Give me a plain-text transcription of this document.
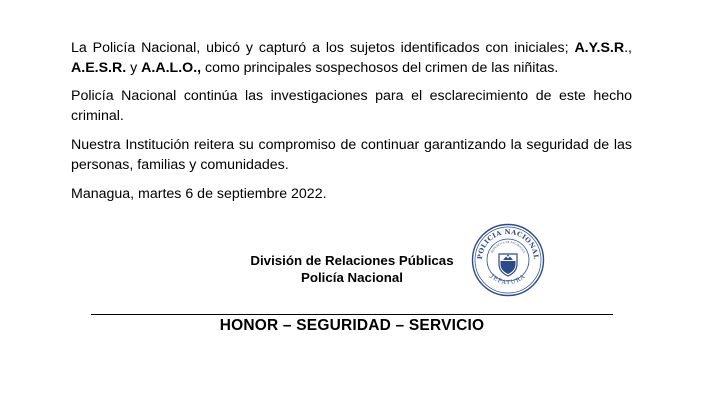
La Policía Nacional, ubicó y capturó a los sujetos identificados con iniciales; A.Y.S.R., A.E.S.R. y A.A.L.O., como principales sospechosos del crimen de las niñitas.

Policía Nacional continúa las investigaciones para el esclarecimiento de este hecho criminal.

Nuestra Institución reitera su compromiso de continuar garantizando la seguridad de las personas, familias y comunidades.

Managua, martes 6 de septiembre 2022.

División de Relaciones Públicas
Policía Nacional
POLICIA NACIONAL
REPUBLICA DE NICARAGUA
JEFATURA
HONOR – SEGURIDAD – SERVICIO
